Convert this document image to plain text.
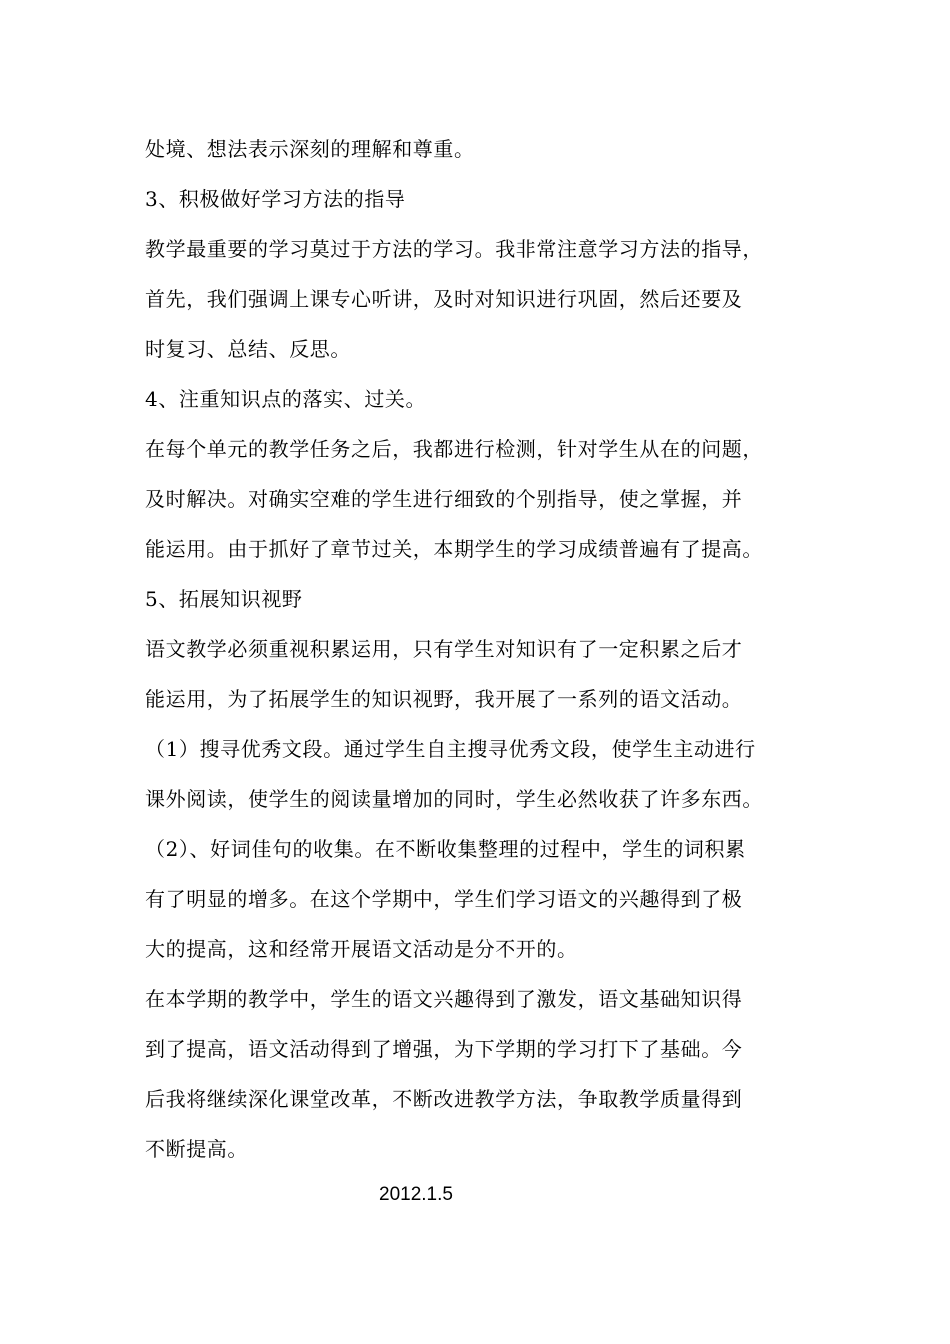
处境、想法表示深刻的理解和尊重。
3、积极做好学习方法的指导
教学最重要的学习莫过于方法的学习。我非常注意学习方法的指导，
首先，我们强调上课专心听讲，及时对知识进行巩固，然后还要及
时复习、总结、反思。
4、注重知识点的落实、过关。
在每个单元的教学任务之后，我都进行检测，针对学生从在的问题，
及时解决。对确实空难的学生进行细致的个别指导，使之掌握，并
能运用。由于抓好了章节过关，本期学生的学习成绩普遍有了提高。
5、拓展知识视野
语文教学必须重视积累运用，只有学生对知识有了一定积累之后才
能运用，为了拓展学生的知识视野，我开展了一系列的语文活动。
（1）搜寻优秀文段。通过学生自主搜寻优秀文段，使学生主动进行
课外阅读，使学生的阅读量增加的同时，学生必然收获了许多东西。
（2）、好词佳句的收集。在不断收集整理的过程中，学生的词积累
有了明显的增多。在这个学期中，学生们学习语文的兴趣得到了极
大的提高，这和经常开展语文活动是分不开的。
在本学期的教学中，学生的语文兴趣得到了激发，语文基础知识得
到了提高，语文活动得到了增强，为下学期的学习打下了基础。今
后我将继续深化课堂改革，不断改进教学方法，争取教学质量得到
不断提高。
2012.1.5
